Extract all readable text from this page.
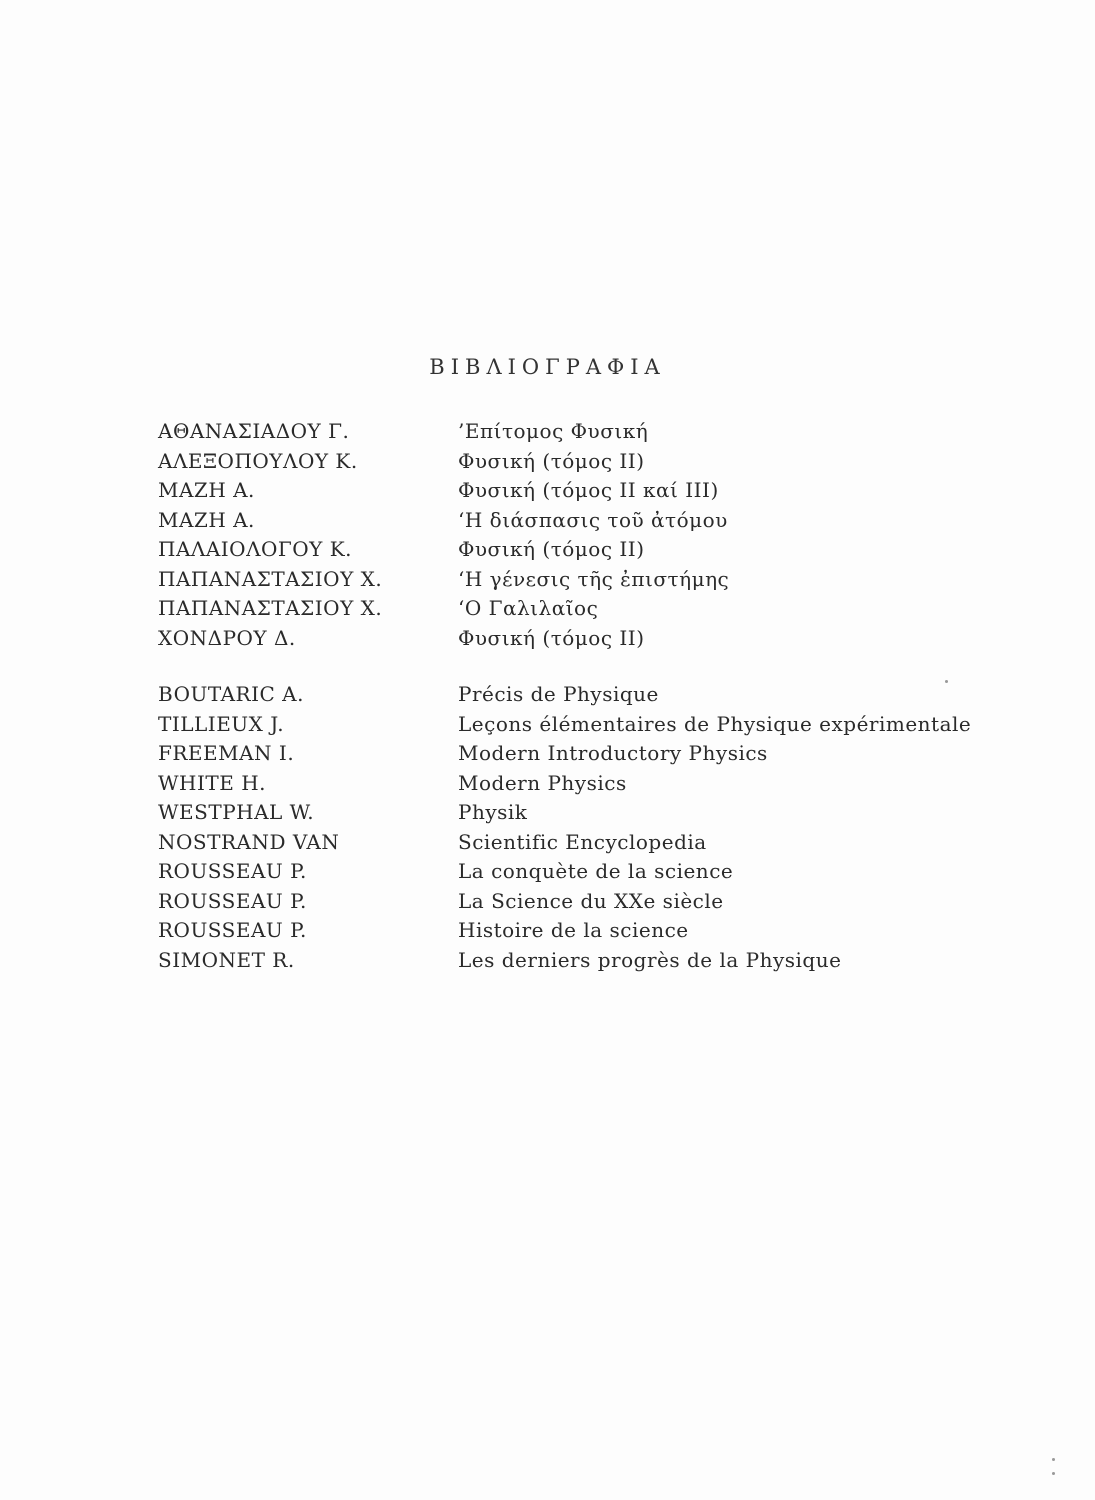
ΒΙΒΛΙΟΓΡΑΦΙΑ
ΑΘΑΝΑΣΙΑΔΟΥ Γ.	’Επίτομος Φυσική
ΑΛΕΞΟΠΟΥΛΟΥ Κ.	Φυσική (τόμος ΙΙ)
ΜΑΖΗ Α.	Φυσική (τόμος ΙΙ καί ΙΙΙ)
ΜΑΖΗ Α.	‘Η διάσπασις τοῦ ἀτόμου
ΠΑΛΑΙΟΛΟΓΟΥ Κ.	Φυσική (τόμος ΙΙ)
ΠΑΠΑΝΑΣΤΑΣΙΟΥ Χ.	‘Η γένεσις τῆς ἐπιστήμης
ΠΑΠΑΝΑΣΤΑΣΙΟΥ Χ.	‘Ο Γαλιλαῖος
ΧΟΝΔΡΟΥ Δ.	Φυσική (τόμος ΙΙ)
BOUTARIC A.	Précis de Physique
TILLIEUX J.	Leçons élémentaires de Physique expérimentale
FREEMAN I.	Modern Introductory Physics
WHITE H.	Modern Physics
WESTPHAL W.	Physik
NOSTRAND VAN	Scientific Encyclopedia
ROUSSEAU P.	La conquète de la science
ROUSSEAU P.	La Science du XXe siècle
ROUSSEAU P.	Histoire de la science
SIMONET R.	Les derniers progrès de la Physique
